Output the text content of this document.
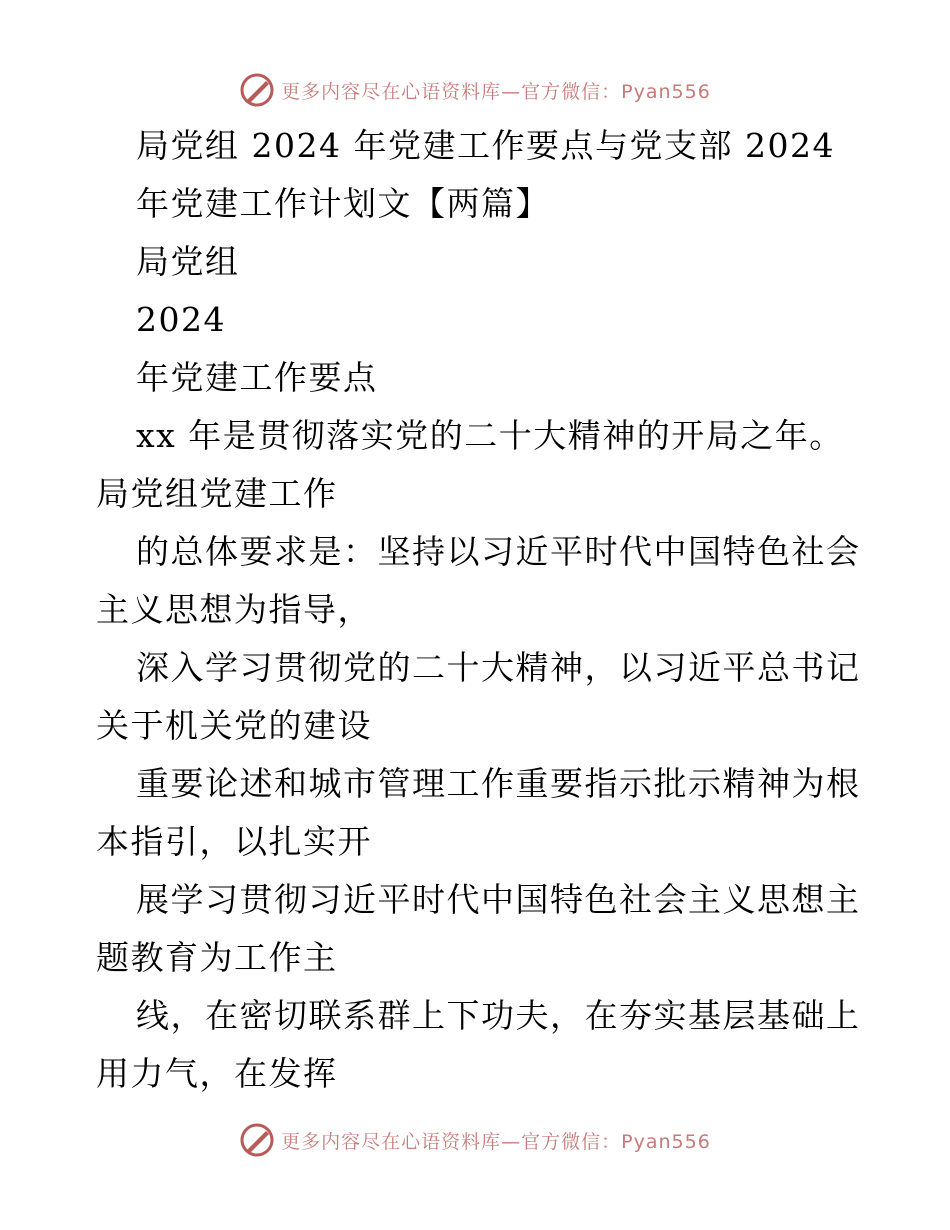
更多内容尽在心语资料库—官方微信：Pyan556
局党组 2024 年党建工作要点与党支部 2024
年党建工作计划文【两篇】
局党组
2024
年党建工作要点
xx 年是贯彻落实党的二十大精神的开局之年。
局党组党建工作
的总体要求是：坚持以习近平时代中国特色社会
主义思想为指导，
深入学习贯彻党的二十大精神，以习近平总书记
关于机关党的建设
重要论述和城市管理工作重要指示批示精神为根
本指引，以扎实开
展学习贯彻习近平时代中国特色社会主义思想主
题教育为工作主
线，在密切联系群上下功夫，在夯实基层基础上
用力气，在发挥
更多内容尽在心语资料库—官方微信：Pyan556
